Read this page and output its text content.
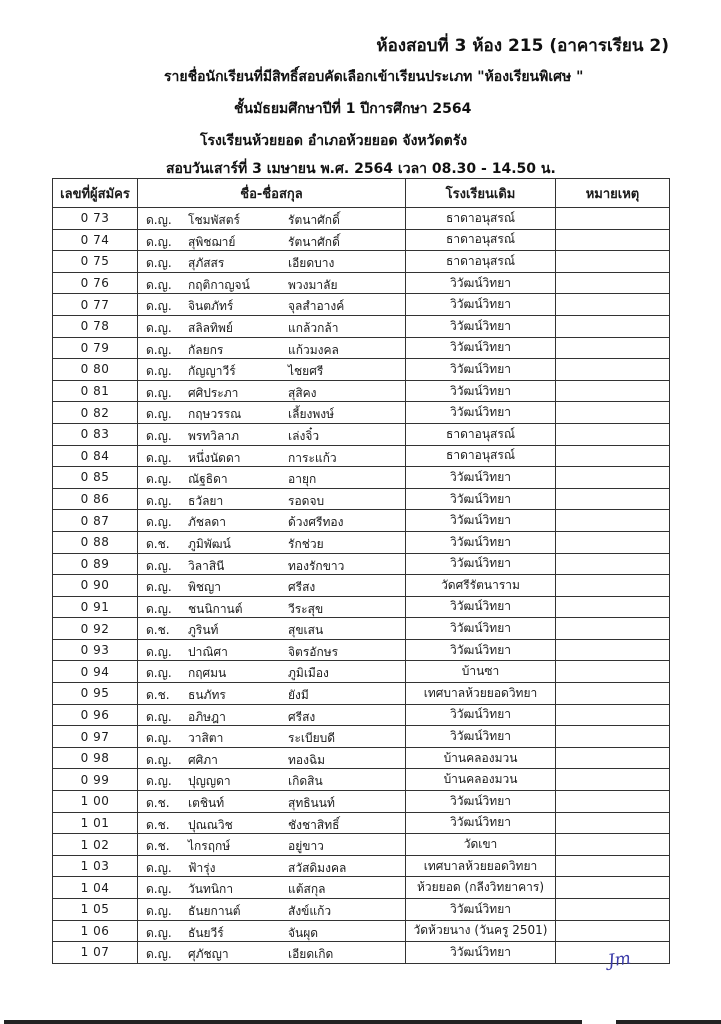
ห้องสอบที่ 3 ห้อง 215 (อาคารเรียน 2)
รายชื่อนักเรียนที่มีสิทธิ์สอบคัดเลือกเข้าเรียนประเภท "ห้องเรียนพิเศษ "
ชั้นมัธยมศึกษาปีที่ 1 ปีการศึกษา 2564
โรงเรียนห้วยยอด อำเภอห้วยยอด จังหวัดตรัง
สอบวันเสาร์ที่ 3 เมษายน พ.ศ. 2564 เวลา 08.30 - 14.50 น.
เลขที่ผู้สมัคร	ชื่อ-ชื่อสกุล	โรงเรียนเดิม	หมายเหตุ
0 73	ด.ญ. โชมพัสตร์ รัตนาศักดิ์	ธาดาอนุสรณ์	
0 74	ด.ญ. สุพิชฌาย์ รัตนาศักดิ์	ธาดาอนุสรณ์	
0 75	ด.ญ. สุภัสสร เอียดบาง	ธาดาอนุสรณ์	
0 76	ด.ญ. กฤติกาญจน์ พวงมาลัย	วิวัฒน์วิทยา	
0 77	ด.ญ. จินตภัทร์ จุลสำอางค์	วิวัฒน์วิทยา	
0 78	ด.ญ. สลิลทิพย์ แกล้วกล้า	วิวัฒน์วิทยา	
0 79	ด.ญ. กัลยกร แก้วมงคล	วิวัฒน์วิทยา	
0 80	ด.ญ. กัญญาวีร์ ไชยศรี	วิวัฒน์วิทยา	
0 81	ด.ญ. ศศิประภา สุสิคง	วิวัฒน์วิทยา	
0 82	ด.ญ. กฤษวรรณ เลี้ยงพงษ์	วิวัฒน์วิทยา	
0 83	ด.ญ. พรทวิลาภ เล่งจิ๋ว	ธาดาอนุสรณ์	
0 84	ด.ญ. หนึ่งนัดดา การะแก้ว	ธาดาอนุสรณ์	
0 85	ด.ญ. ณัฐธิดา อายุก	วิวัฒน์วิทยา	
0 86	ด.ญ. ธวัลยา รอดจบ	วิวัฒน์วิทยา	
0 87	ด.ญ. ภัชลดา ด้วงศรีทอง	วิวัฒน์วิทยา	
0 88	ด.ช. ภูมิพัฒน์ รักช่วย	วิวัฒน์วิทยา	
0 89	ด.ญ. วิลาสินี ทองรักขาว	วิวัฒน์วิทยา	
0 90	ด.ญ. พิชญา ศรีสง	วัดศรีรัตนาราม	
0 91	ด.ญ. ชนนิกานต์ วีระสุข	วิวัฒน์วิทยา	
0 92	ด.ช. ภูรินท์ สุขเสน	วิวัฒน์วิทยา	
0 93	ด.ญ. ปาณิศา จิตรอักษร	วิวัฒน์วิทยา	
0 94	ด.ญ. กฤศมน ภูมิเมือง	บ้านซา	
0 95	ด.ช. ธนภัทร ยังมี	เทศบาลห้วยยอดวิทยา	
0 96	ด.ญ. อภิษฎา ศรีสง	วิวัฒน์วิทยา	
0 97	ด.ญ. วาสิตา ระเบียบดี	วิวัฒน์วิทยา	
0 98	ด.ญ. ศศิภา ทองฉิม	บ้านคลองมวน	
0 99	ด.ญ. ปุญญดา เกิดสิน	บ้านคลองมวน	
1 00	ด.ช. เตชินท์ สุทธินนท์	วิวัฒน์วิทยา	
1 01	ด.ช. ปุณณวิช ชังชาสิทธิ์	วิวัฒน์วิทยา	
1 02	ด.ช. ไกรฤกษ์ อยู่ขาว	วัดเขา	
1 03	ด.ญ. ฟ้ารุ่ง สวัสดิมงคล	เทศบาลห้วยยอดวิทยา	
1 04	ด.ญ. วันทนิกา แต้สกุล	ห้วยยอด (กลีงวิทยาคาร)	
1 05	ด.ญ. ธันยกานต์ สังข์แก้ว	วิวัฒน์วิทยา	
1 06	ด.ญ. ธันยวีร์ จันผุด	วัดห้วยนาง (วันครู 2501)	
1 07	ด.ญ. ศุภัชญา เอียดเกิด	วิวัฒน์วิทยา		Jm
